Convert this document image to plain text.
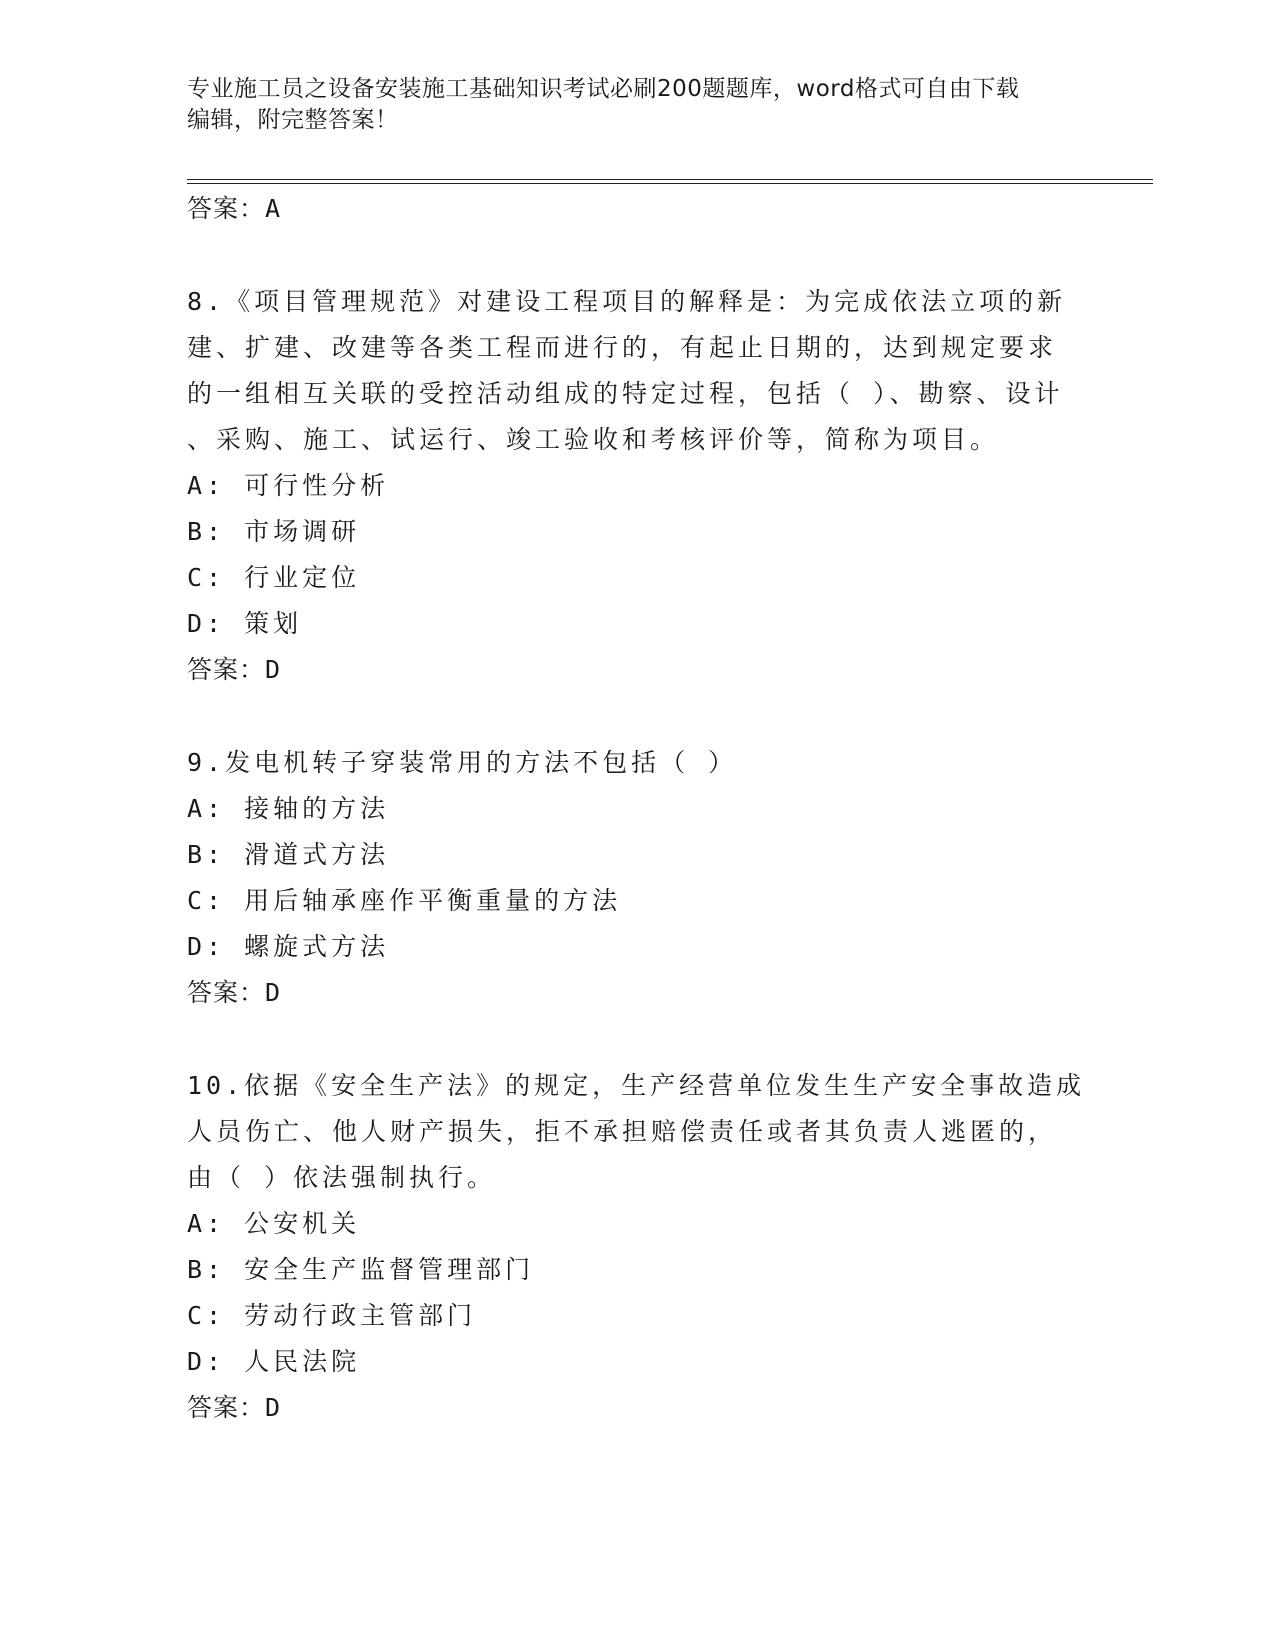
专业施工员之设备安装施工基础知识考试必刷200题题库，word格式可自由下载
编辑，附完整答案！
答案：A
8.《项目管理规范》对建设工程项目的解释是：为完成依法立项的新
建、扩建、改建等各类工程而进行的，有起止日期的，达到规定要求
的一组相互关联的受控活动组成的特定过程，包括（ ）、勘察、设计
、采购、施工、试运行、竣工验收和考核评价等，简称为项目。
A: 可行性分析
B: 市场调研
C: 行业定位
D: 策划
答案：D
9.发电机转子穿装常用的方法不包括（ ）
A: 接轴的方法
B: 滑道式方法
C: 用后轴承座作平衡重量的方法
D: 螺旋式方法
答案：D
10.依据《安全生产法》的规定，生产经营单位发生生产安全事故造成
人员伤亡、他人财产损失，拒不承担赔偿责任或者其负责人逃匿的，
由（ ）依法强制执行。
A: 公安机关
B: 安全生产监督管理部门
C: 劳动行政主管部门
D: 人民法院
答案：D
